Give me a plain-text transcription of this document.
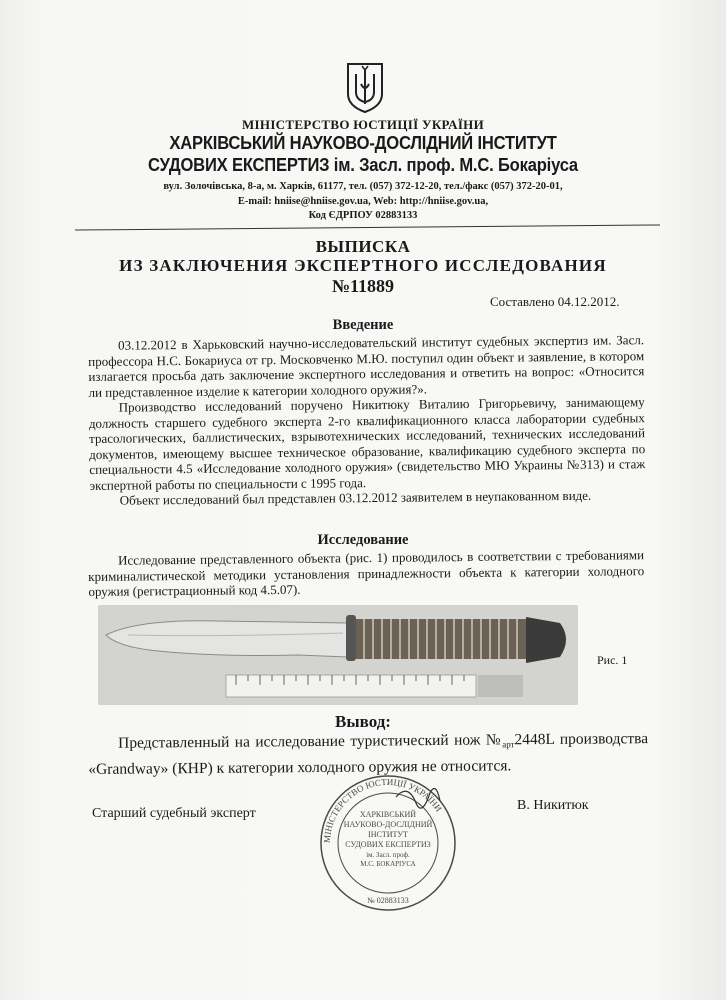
МІНІСТЕРСТВО ЮСТИЦІЇ УКРАЇНИ
ХАРКІВСЬКИЙ НАУКОВО-ДОСЛІДНИЙ ІНСТИТУТ
СУДОВИХ ЕКСПЕРТИЗ ім. Засл. проф. М.С. Бокаріуса
вул. Золочівська, 8-а, м. Харків, 61177, тел. (057) 372-12-20, тел./факс (057) 372-20-01,
E-mail: hniise@hniise.gov.ua, Web: http://hniise.gov.ua,
Код ЄДРПОУ 02883133
ВЫПИСКА
ИЗ ЗАКЛЮЧЕНИЯ ЭКСПЕРТНОГО ИССЛЕДОВАНИЯ
№11889
Составлено 04.12.2012.
Введение

03.12.2012 в Харьковский научно-исследовательский институт судебных экспертиз им. Засл. профессора Н.С. Бокариуса от гр. Московченко М.Ю. поступил один объект и заявление, в котором излагается просьба дать заключение экспертного исследования и ответить на вопрос: «Относится ли представленное изделие к категории холодного оружия?».

Производство исследований поручено Никитюку Виталию Григорьевичу, занимающему должность старшего судебного эксперта 2-го квалификационного класса лаборатории судебных трасологических, баллистических, взрывотехнических исследований, технических исследований документов, имеющему высшее техническое образование, квалификацию судебного эксперта по специальности 4.5 «Исследование холодного оружия» (свидетельство МЮ Украины №313) и стаж экспертной работы по специальности с 1995 года.

Объект исследований был представлен 03.12.2012 заявителем в неупакованном виде.

Исследование

Исследование представленного объекта (рис. 1) проводилось в соответствии с требованиями криминалистической методики установления принадлежности объекта к категории холодного оружия (регистрационный код 4.5.07).

Рис. 1
Вывод:

Представленный на исследование туристический нож $№_{арт}2448L$ производства «Grandway» (КНР) к категории холодного оружия не относится.

Старший судебный эксперт
В. Никитюк
МІНІСТЕРСТВО ЮСТИЦІЇ УКРАЇНИ
ХАРКІВСЬКИЙ
НАУКОВО-ДОСЛІДНИЙ
ІНСТИТУТ
СУДОВИХ ЕКСПЕРТИЗ
ім. Засл. проф.
М.С. БОКАРІУСА
№ 02883133
